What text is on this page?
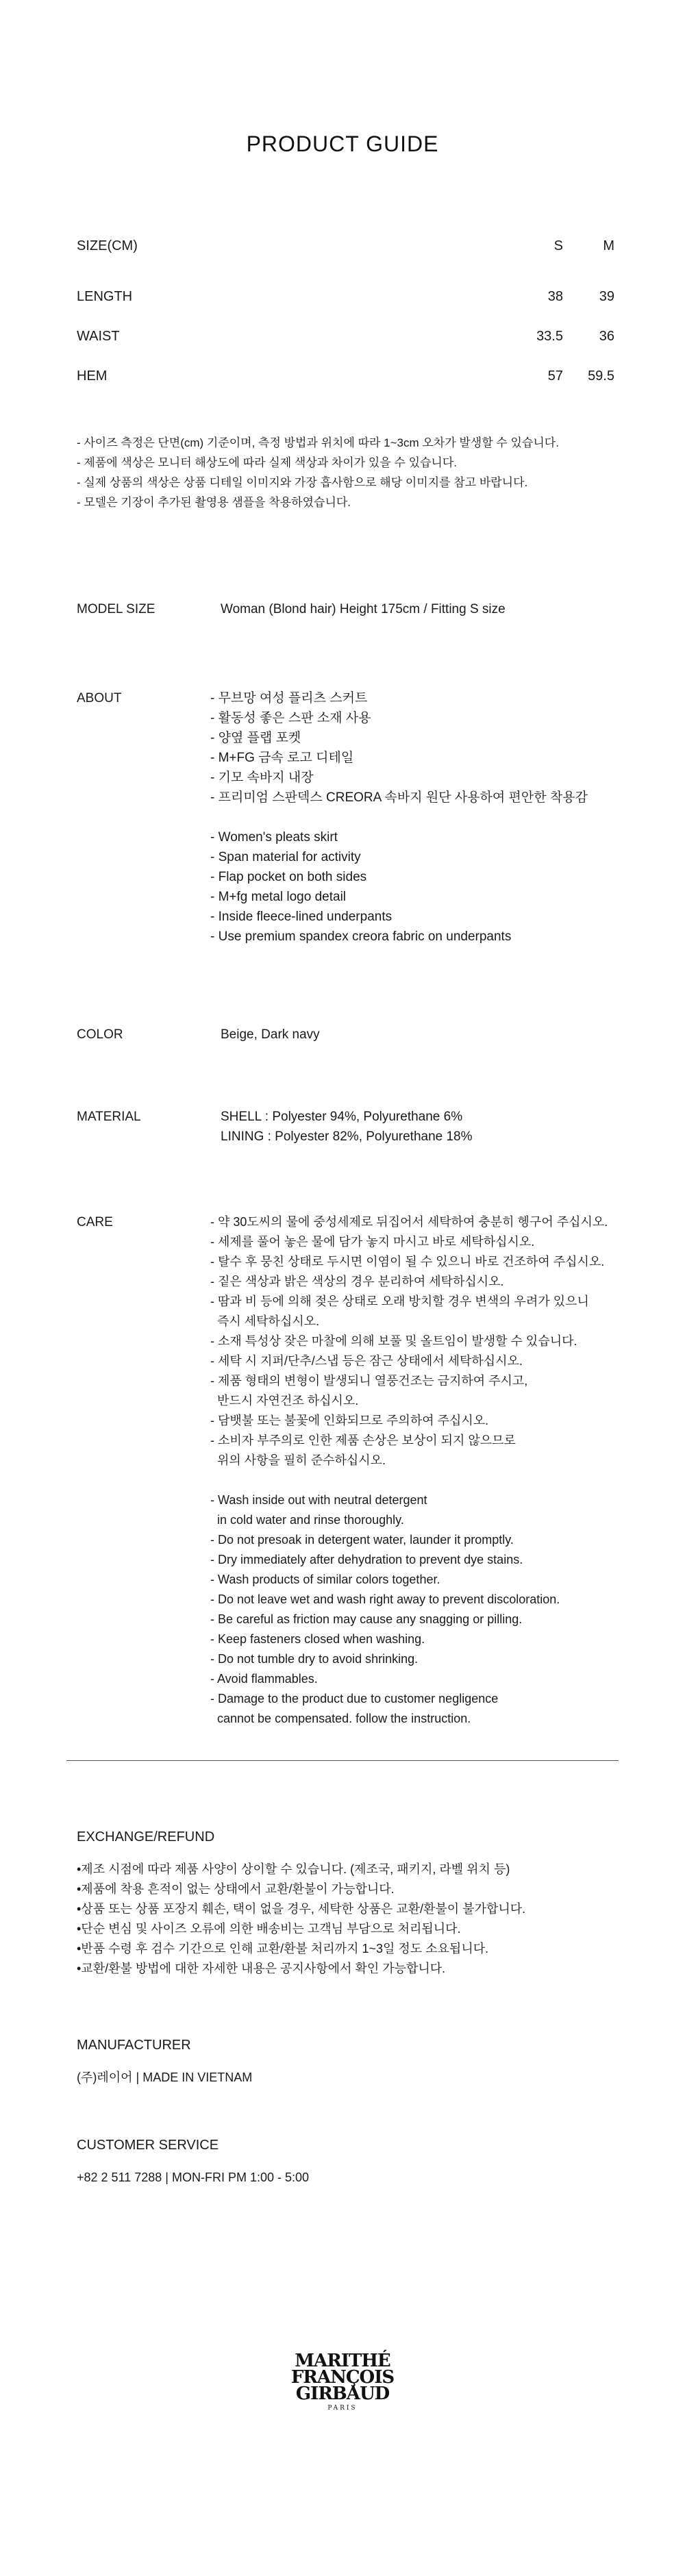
PRODUCT GUIDE
SIZE(CM)	S	M
LENGTH	38	39
WAIST	33.5	36
HEM	57	59.5
- 사이즈 측정은 단면(cm) 기준이며, 측정 방법과 위치에 따라 1~3cm 오차가 발생할 수 있습니다.
- 제품에 색상은 모니터 해상도에 따라 실제 색상과 차이가 있을 수 있습니다.
- 실제 상품의 색상은 상품 디테일 이미지와 가장 흡사함으로 해당 이미지를 참고 바랍니다.
- 모델은 기장이 추가된 촬영용 샘플을 착용하였습니다.
MODEL SIZE	Woman (Blond hair) Height 175cm / Fitting S size
ABOUT	- 무브망 여성 플리츠 스커트
- 활동성 좋은 스판 소재 사용
- 양옆 플랩 포켓
- M+FG 금속 로고 디테일
- 기모 속바지 내장
- 프리미엄 스판덱스 CREORA 속바지 원단 사용하여 편안한 착용감
- Women's pleats skirt
- Span material for activity
- Flap pocket on both sides
- M+fg metal logo detail
- Inside fleece-lined underpants
- Use premium spandex creora fabric on underpants
COLOR	Beige, Dark navy
MATERIAL	SHELL : Polyester 94%, Polyurethane 6%
LINING : Polyester 82%, Polyurethane 18%
CARE	- 약 30도씨의 물에 중성세제로 뒤집어서 세탁하여 충분히 헹구어 주십시오.
- 세제를 풀어 놓은 물에 담가 놓지 마시고 바로 세탁하십시오.
- 탈수 후 뭉친 상태로 두시면 이염이 될 수 있으니 바로 건조하여 주십시오.
- 짙은 색상과 밝은 색상의 경우 분리하여 세탁하십시오.
- 땀과 비 등에 의해 젖은 상태로 오래 방치할 경우 변색의 우려가 있으니
즉시 세탁하십시오.
- 소재 특성상 잦은 마찰에 의해 보풀 및 올트임이 발생할 수 있습니다.
- 세탁 시 지퍼/단추/스냅 등은 잠근 상태에서 세탁하십시오.
- 제품 형태의 변형이 발생되니 열풍건조는 금지하여 주시고,
반드시 자연건조 하십시오.
- 담뱃불 또는 불꽃에 인화되므로 주의하여 주십시오.
- 소비자 부주의로 인한 제품 손상은 보상이 되지 않으므로
위의 사항을 필히 준수하십시오.
- Wash inside out with neutral detergent
in cold water and rinse thoroughly.
- Do not presoak in detergent water, launder it promptly.
- Dry immediately after dehydration to prevent dye stains.
- Wash products of similar colors together.
- Do not leave wet and wash right away to prevent discoloration.
- Be careful as friction may cause any snagging or pilling.
- Keep fasteners closed when washing.
- Do not tumble dry to avoid shrinking.
- Avoid flammables.
- Damage to the product due to customer negligence
cannot be compensated. follow the instruction.
EXCHANGE/REFUND
•제조 시점에 따라 제품 사양이 상이할 수 있습니다. (제조국, 패키지, 라벨 위치 등)
•제품에 착용 흔적이 없는 상태에서 교환/환불이 가능합니다.
•상품 또는 상품 포장지 훼손, 택이 없을 경우, 세탁한 상품은 교환/환불이 불가합니다.
•단순 변심 및 사이즈 오류에 의한 배송비는 고객님 부담으로 처리됩니다.
•반품 수령 후 검수 기간으로 인해 교환/환불 처리까지 1~3일 정도 소요됩니다.
•교환/환불 방법에 대한 자세한 내용은 공지사항에서 확인 가능합니다.
MANUFACTURER
(주)레이어 | MADE IN VIETNAM
CUSTOMER SERVICE
+82 2 511 7288 | MON-FRI PM 1:00 - 5:00
MARITHÉ
FRANÇOIS
GIRBAUD
PARIS
